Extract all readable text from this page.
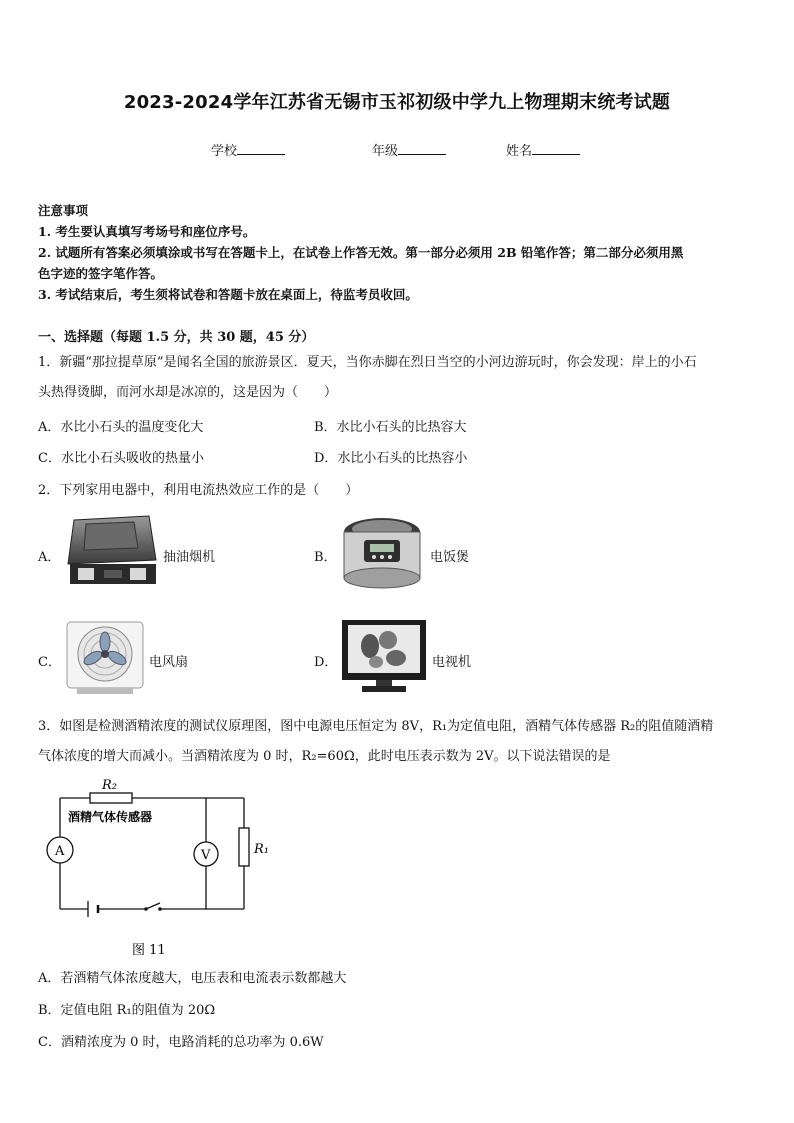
2023-2024学年江苏省无锡市玉祁初级中学九上物理期末统考试题
学校	年级	姓名
注意事项
1. 考生要认真填写考场号和座位序号。
2. 试题所有答案必须填涂或书写在答题卡上，在试卷上作答无效。第一部分必须用 2B 铅笔作答；第二部分必须用黑
色字迹的签字笔作答。
3. 考试结束后，考生须将试卷和答题卡放在桌面上，待监考员收回。
一、选择题（每题 1.5 分，共 30 题，45 分）
1．新疆“那拉提草原”是闻名全国的旅游景区．夏天，当你赤脚在烈日当空的小河边游玩时，你会发现：岸上的小石
头热得烫脚，而河水却是冰凉的，这是因为（　　）
A．水比小石头的温度变化大	B．水比小石头的比热容大
C．水比小石头吸收的热量小	D．水比小石头的比热容小
2．下列家用电器中，利用电流热效应工作的是（　　）
A．	抽油烟机	B．	电饭煲
C．	电风扇	D．	电视机
3．如图是检测酒精浓度的测试仪原理图，图中电源电压恒定为 8V，R₁为定值电阻，酒精气体传感器 R₂的阻值随酒精
气体浓度的增大而减小。当酒精浓度为 0 时，R₂=60Ω，此时电压表示数为 2V。以下说法错误的是
R₂
酒精气体传感器
A	V	R₁
图 11
A．若酒精气体浓度越大，电压表和电流表示数都越大
B．定值电阻 R₁的阻值为 20Ω
C．酒精浓度为 0 时，电路消耗的总功率为 0.6W
